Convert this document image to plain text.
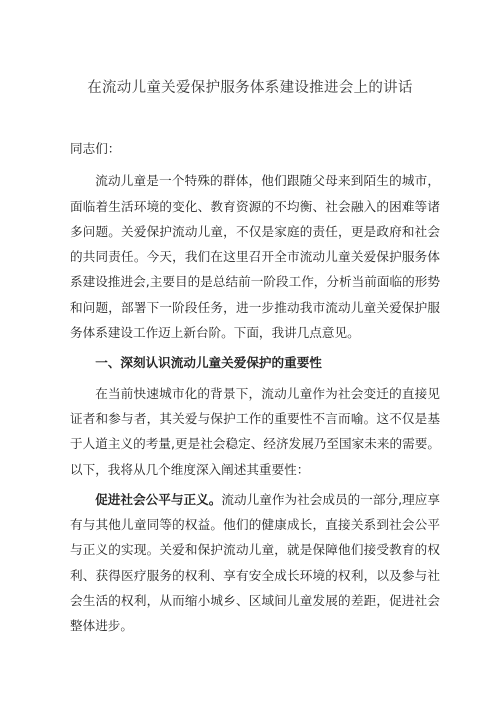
在流动儿童关爱保护服务体系建设推进会上的讲话

同志们：

流动儿童是一个特殊的群体，他们跟随父母来到陌生的城市，面临着生活环境的变化、教育资源的不均衡、社会融入的困难等诸多问题。关爱保护流动儿童，不仅是家庭的责任，更是政府和社会的共同责任。今天，我们在这里召开全市流动儿童关爱保护服务体系建设推进会,主要目的是总结前一阶段工作，分析当前面临的形势和问题，部署下一阶段任务，进一步推动我市流动儿童关爱保护服务体系建设工作迈上新台阶。下面，我讲几点意见。

一、深刻认识流动儿童关爱保护的重要性

在当前快速城市化的背景下，流动儿童作为社会变迁的直接见证者和参与者，其关爱与保护工作的重要性不言而喻。这不仅是基于人道主义的考量,更是社会稳定、经济发展乃至国家未来的需要。以下，我将从几个维度深入阐述其重要性：

促进社会公平与正义。流动儿童作为社会成员的一部分,理应享有与其他儿童同等的权益。他们的健康成长，直接关系到社会公平与正义的实现。关爱和保护流动儿童，就是保障他们接受教育的权利、获得医疗服务的权利、享有安全成长环境的权利，以及参与社会生活的权利，从而缩小城乡、区域间儿童发展的差距，促进社会整体进步。
